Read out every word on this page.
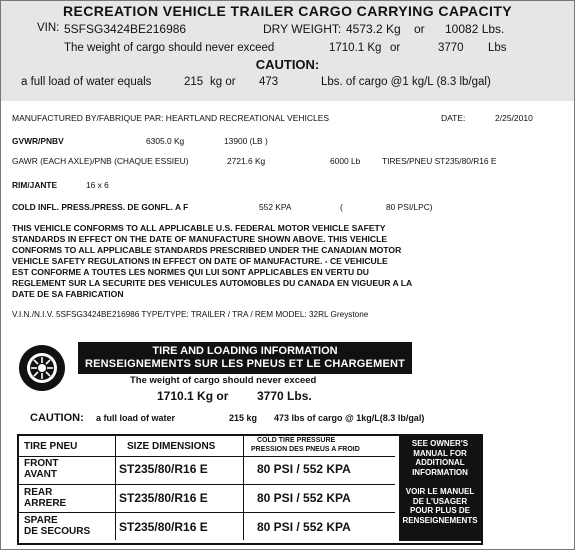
RECREATION VEHICLE TRAILER CARGO CARRYING CAPACITY
VIN: 5SFSG3424BE216986	DRY WEIGHT: 4573.2 Kg or 10082 Lbs.
The weight of cargo should never exceed	1710.1 Kg or	3770 Lbs
CAUTION:
a full load of water equals	215 kg or 473	Lbs. of cargo @1 kg/L (8.3 lb/gal)
MANUFACTURED BY/FABRIQUE PAR: HEARTLAND RECREATIONAL VEHICLES	DATE:	2/25/2010
GVWR/PNBV	6305.0 Kg	13900 (LB )
GAWR (EACH AXLE)/PNB (CHAQUE ESSIEU)	2721.6 Kg	6000 Lb	TIRES/PNEU ST235/80/R16 E
RIM/JANTE	16 x 6
COLD INFL. PRESS./PRESS. DE GONFL. A F	552 KPA	(	80 PSI/LPC)
THIS VEHICLE CONFORMS TO ALL APPLICABLE U.S. FEDERAL MOTOR VEHICLE SAFETY
STANDARDS IN EFFECT ON THE DATE OF MANUFACTURE SHOWN ABOVE. THIS VEHICLE
CONFORMS TO ALL APPLICABLE STANDARDS PRESCRIBED UNDER THE CANADIAN MOTOR
VEHICLE SAFETY REGULATIONS IN EFFECT ON DATE OF MANUFACTURE. - CE VEHICULE
EST CONFORME A TOUTES LES NORMES QUI LUI SONT APPLICABLES EN VERTU DU
REGLEMENT SUR LA SECURITE DES VEHICULES AUTOMOBLES DU CANADA EN VIGUEUR A LA
DATE DE SA FABRICATION
V.I.N./N.I.V. 5SFSG3424BE216986 TYPE/TYPE: TRAILER / TRA / REM MODEL: 32RL Greystone
TIRE AND LOADING INFORMATION
RENSEIGNEMENTS SUR LES PNEUS ET LE CHARGEMENT
The weight of cargo should never exceed
1710.1 Kg or 3770 Lbs.
CAUTION: a full load of water	215 kg 473 lbs of cargo @ 1kg/L(8.3 lb/gal)
TIRE PNEU	SIZE DIMENSIONS
COLD TIRE PRESSURE
PRESSION DES PNEUS A FROID
FRONT
AVANT	ST235/80/R16 E	80 PSI / 552 KPA
REAR
ARRERE	ST235/80/R16 E	80 PSI / 552 KPA
SPARE
DE SECOURS ST235/80/R16 E	80 PSI / 552 KPA
SEE OWNER'S
MANUAL FOR
ADDITIONAL
INFORMATION
VOIR LE MANUEL
DE L'USAGER
POUR PLUS DE
RENSEIGNEMENTS
